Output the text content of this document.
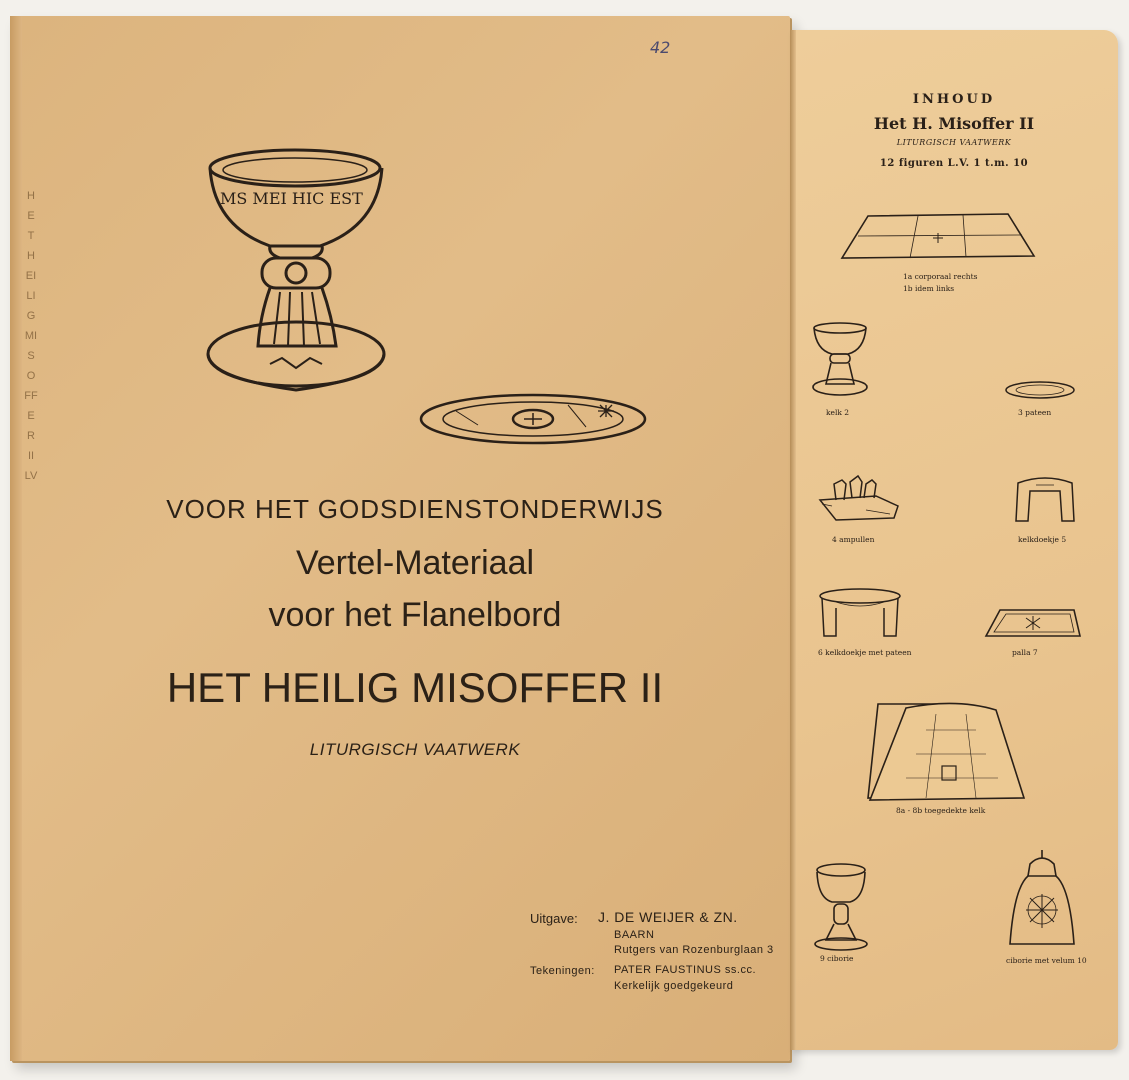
HET HEILIG MISOFFER II LV
42
MS MEI HIC EST
VOOR HET GODSDIENSTONDERWIJS
Vertel-Materiaal
voor het Flanelbord
HET HEILIG MISOFFER II
LITURGISCH VAATWERK
Uitgave: J. DE WEIJER & ZN.
BAARN
Rutgers van Rozenburglaan 3
Tekeningen: PATER FAUSTINUS ss.cc.
Kerkelijk goedgekeurd
INHOUD
Het H. Misoffer II
LITURGISCH VAATWERK
12 figuren L.V. 1 t.m. 10
1a corporaal rechts
1b idem links
kelk 2	3 pateen
4 ampullen	kelkdoekje 5
6 kelkdoekje met pateen	palla 7
8a - 8b toegedekte kelk
9 ciborie	ciborie met velum 10
